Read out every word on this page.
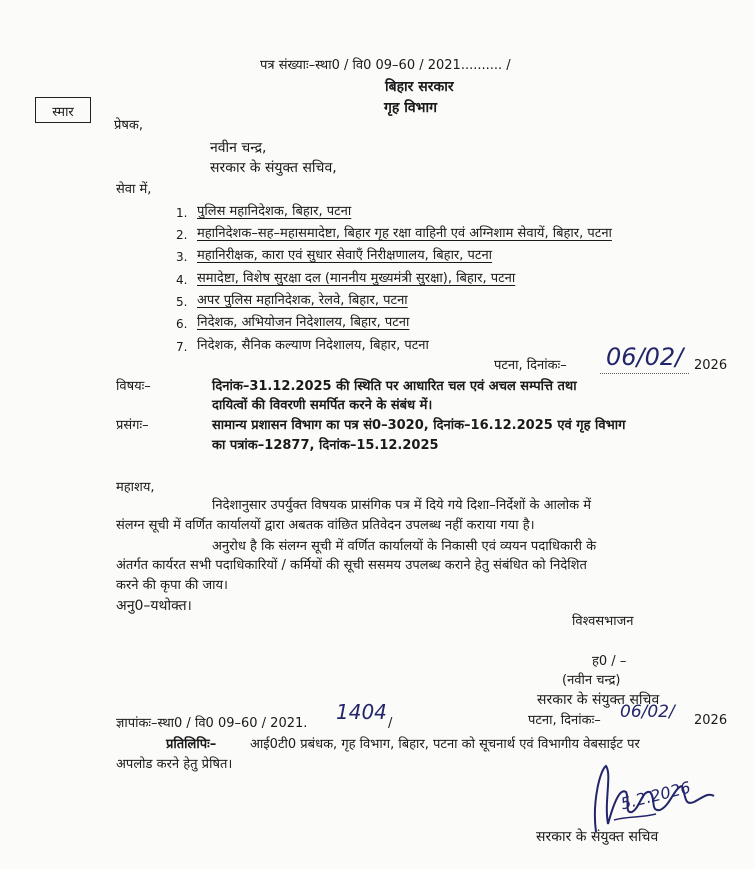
पत्र संख्याः–स्था0 / वि0 09–60 / 2021.......... /
बिहार सरकार
गृह विभाग
स्मार
प्रेषक,
नवीन चन्द्र,
सरकार के संयुक्त सचिव,
सेवा में,
1. पुलिस महानिदेशक, बिहार, पटना
2. महानिदेशक–सह–महासमादेष्टा, बिहार गृह रक्षा वाहिनी एवं अग्निशाम सेवायें, बिहार, पटना
3. महानिरीक्षक, कारा एवं सुधार सेवाएँ निरीक्षणालय, बिहार, पटना
4. समादेष्टा, विशेष सुरक्षा दल (माननीय मुख्यमंत्री सुरक्षा), बिहार, पटना
5. अपर पुलिस महानिदेशक, रेलवे, बिहार, पटना
6. निदेशक, अभियोजन निदेशालय, बिहार, पटना
7. निदेशक, सैनिक कल्याण निदेशालय, बिहार, पटना
पटना, दिनांकः– 06/02/ 2026
विषयः–	दिनांक–31.12.2025 की स्थिति पर आधारित चल एवं अचल सम्पत्ति तथा
दायित्वों की विवरणी समर्पित करने के संबंध में।
प्रसंगः–	सामान्य प्रशासन विभाग का पत्र सं0–3020, दिनांक–16.12.2025 एवं गृह विभाग
का पत्रांक–12877, दिनांक–15.12.2025
महाशय,
निदेशानुसार उपर्युक्त विषयक प्रासंगिक पत्र में दिये गये दिशा–निर्देशों के आलोक में
संलग्न सूची में वर्णित कार्यालयों द्वारा अबतक वांछित प्रतिवेदन उपलब्ध नहीं कराया गया है।
अनुरोध है कि संलग्न सूची में वर्णित कार्यालयों के निकासी एवं व्ययन पदाधिकारी के
अंतर्गत कार्यरत सभी पदाधिकारियों / कर्मियों की सूची ससमय उपलब्ध कराने हेतु संबंधित को निदेशित
करने की कृपा की जाय।
अनु0–यथोक्त।
विश्वसभाजन
ह0 / –
(नवीन चन्द्र)
सरकार के संयुक्त सचिव
ज्ञापांकः–स्था0 / वि0 09–60 / 2021. 1404 /	पटना, दिनांकः– 06/02/ 2026
प्रतिलिपिः–	आई0टी0 प्रबंधक, गृह विभाग, बिहार, पटना को सूचनार्थ एवं विभागीय वेबसाईट पर
अपलोड करने हेतु प्रेषित।
5.2.2026
सरकार के संयुक्त सचिव
